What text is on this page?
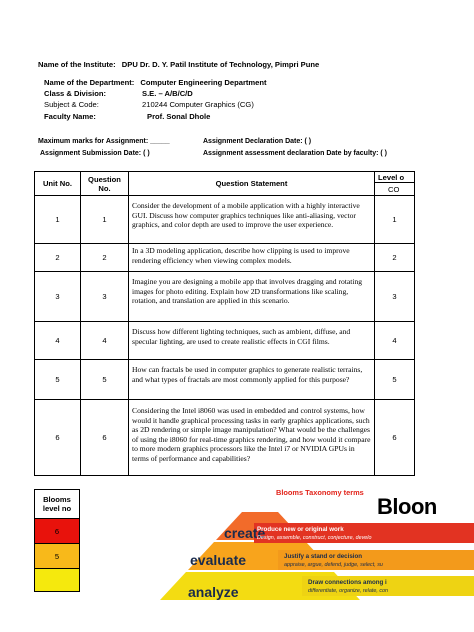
Name of the Institute: DPU Dr. D. Y. Patil Institute of Technology, Pimpri Pune
Name of the Department: Computer Engineering Department
Class & Division:	S.E. – A/B/C/D
Subject & Code:	210244 Computer Graphics (CG)
Faculty Name:	Prof. Sonal Dhole
Maximum marks for Assignment: _____	Assignment Declaration Date: ( )
Assignment Submission Date: ( )	Assignment assessment declaration Date by faculty: ( )
Unit No.	Question No.	Question Statement	Level o
			CO
1	1	Consider the development of a mobile application with a highly interactive GUI. Discuss how computer graphics techniques like anti-aliasing, vector graphics, and color depth are used to improve the user experience.	1
2	2	In a 3D modeling application, describe how clipping is used to improve rendering efficiency when viewing complex models.	2
3	3	Imagine you are designing a mobile app that involves dragging and rotating images for photo editing. Explain how 2D transformations like scaling, rotation, and translation are applied in this scenario.	3
4	4	Discuss how different lighting techniques, such as ambient, diffuse, and specular lighting, are used to create realistic effects in CGI films.	4
5	5	How can fractals be used in computer graphics to generate realistic terrains, and what types of fractals are most commonly applied for this purpose?	5
6	6	Considering the Intel i8060 was used in embedded and control systems, how would it handle graphical processing tasks in early graphics applications, such as 2D rendering or simple image manipulation? What would be the challenges of using the i8060 for real-time graphics rendering, and how would it compare to more modern graphics processors like the Intel i7 or NVIDIA GPUs in terms of performance and capabilities?	6
Blooms level no
6
5

Blooms Taxonomy terms
Bloon
create
evaluate
analyze
Produce new or original work
Design, assemble, construct, conjecture, develo
Justify a stand or decision
appraise, argue, defend, judge, select, su
Draw connections among i
differentiate, organize, relate, con
